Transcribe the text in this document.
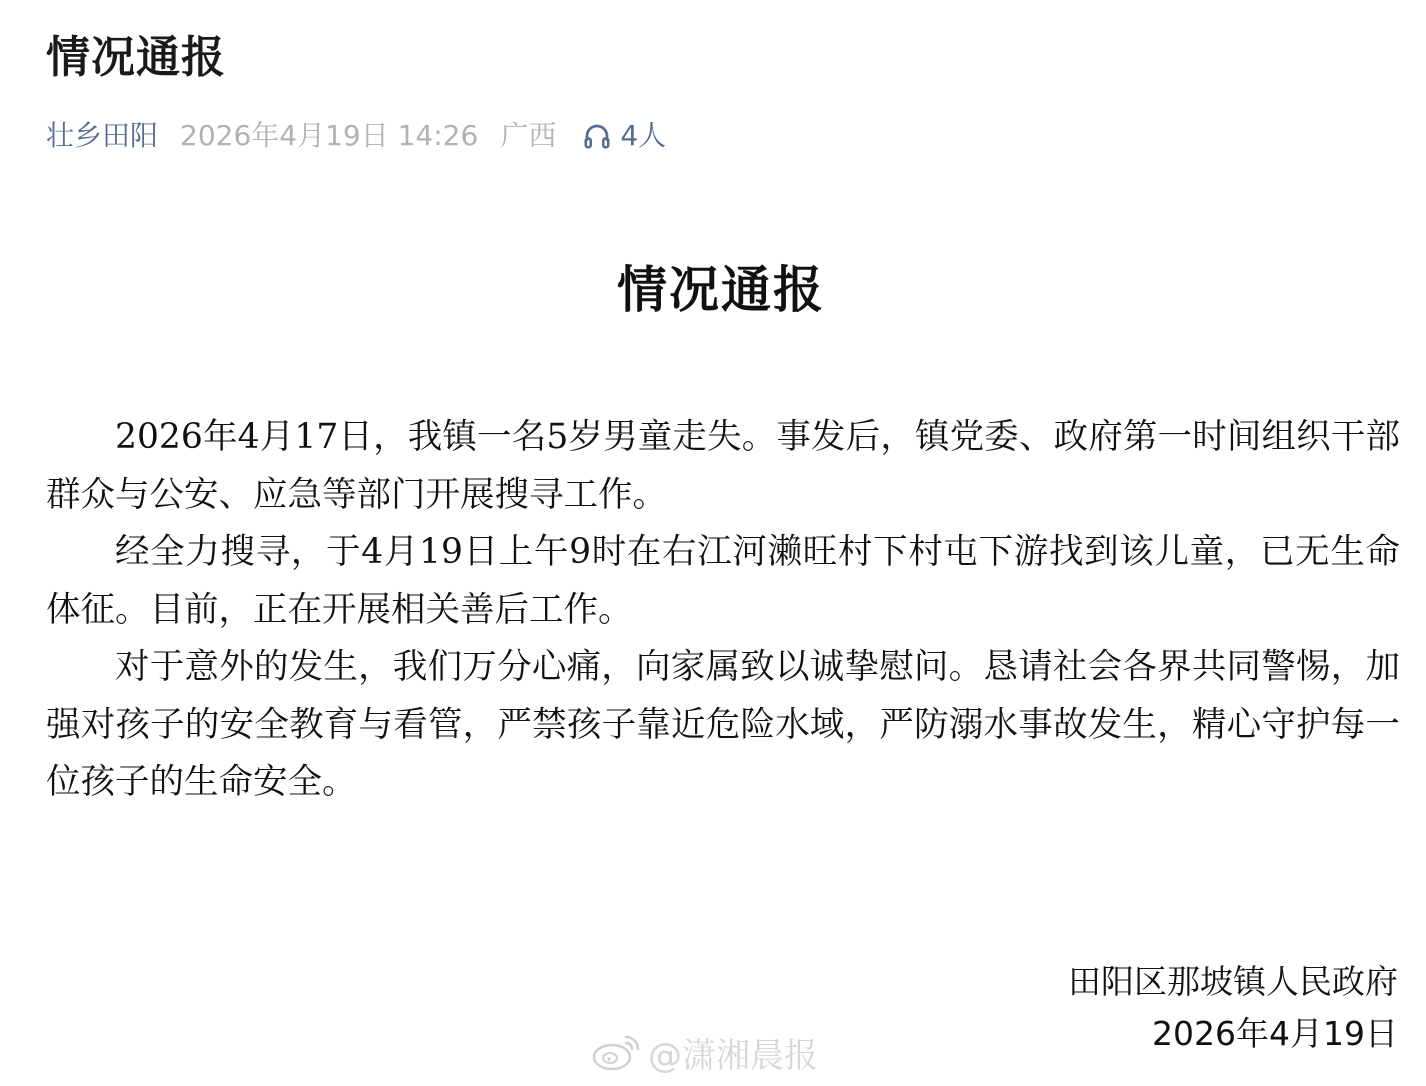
情况通报
壮乡田阳 2026年4月19日 14:26 广西 4人
情况通报

2026年4月17日，我镇一名5岁男童走失。事发后，镇党委、政府第一时间组织干部群众与公安、应急等部门开展搜寻工作。

经全力搜寻，于4月19日上午9时在右江河濑旺村下村屯下游找到该儿童，已无生命体征。目前，正在开展相关善后工作。

对于意外的发生，我们万分心痛，向家属致以诚挚慰问。恳请社会各界共同警惕，加强对孩子的安全教育与看管，严禁孩子靠近危险水域，严防溺水事故发生，精心守护每一位孩子的生命安全。

田阳区那坡镇人民政府
2026年4月19日
@潇湘晨报
